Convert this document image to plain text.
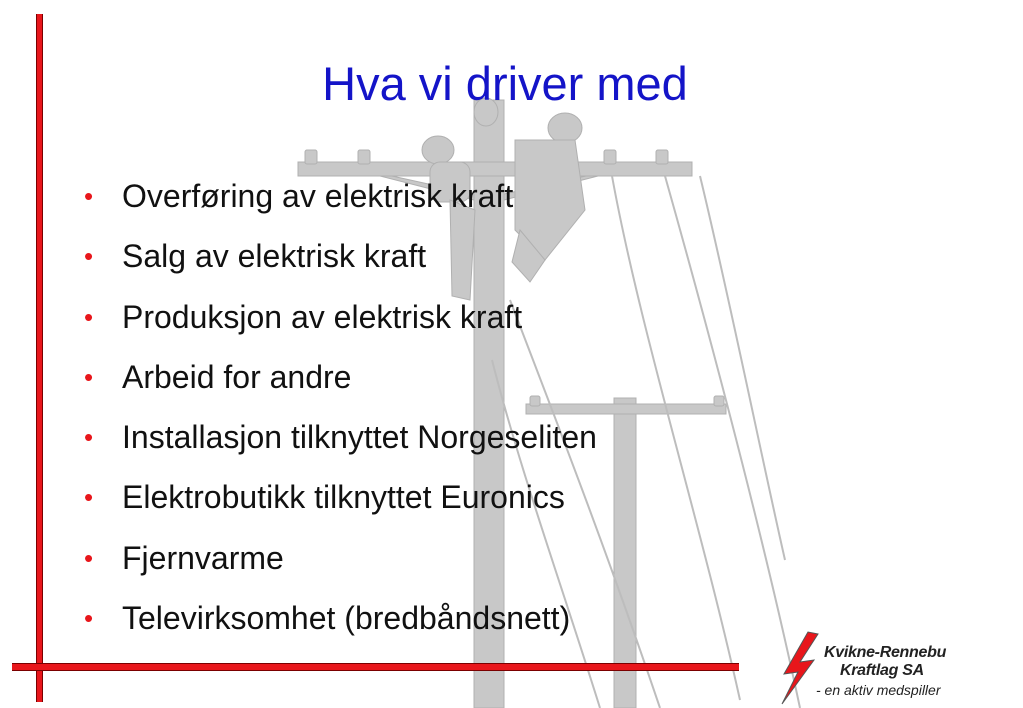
Hva vi driver med
• Overføring av elektrisk kraft
• Salg av elektrisk kraft
• Produksjon av elektrisk kraft
• Arbeid for andre
• Installasjon tilknyttet Norgeseliten
• Elektrobutikk tilknyttet Euronics
• Fjernvarme
• Televirksomhet (bredbåndsnett)
Kvikne-Rennebu
Kraftlag SA
- en aktiv medspiller
